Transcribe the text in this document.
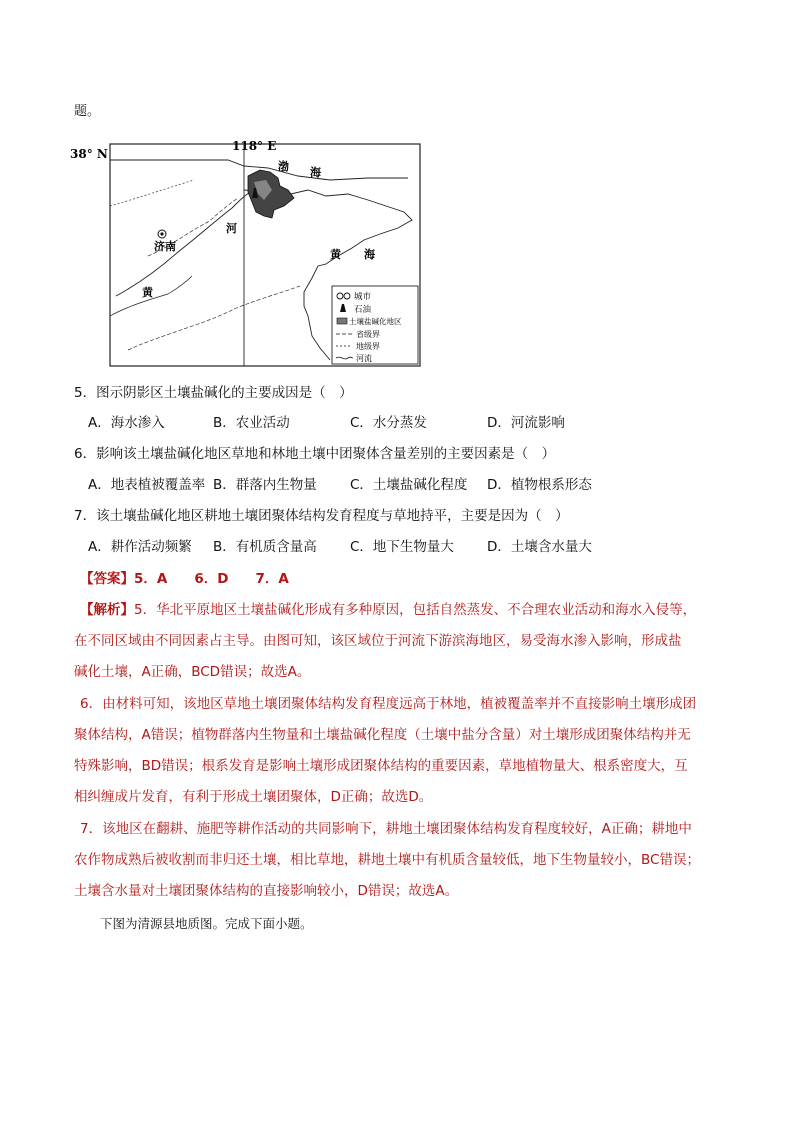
题。
38° N
118° E
济南
渤 海
河
黄
黄 海
城市
石油
土壤盐碱化地区
省级界
地级界
河流
5．图示阴影区土壤盐碱化的主要成因是（　）
A．海水渗入	B．农业活动	C．水分蒸发	D．河流影响
6．影响该土壤盐碱化地区草地和林地土壤中团聚体含量差别的主要因素是（　）
A．地表植被覆盖率 B．群落内生物量 C．土壤盐碱化程度 D．植物根系形态
7．该土壤盐碱化地区耕地土壤团聚体结构发育程度与草地持平，主要是因为（　）
A．耕作活动频繁 B．有机质含量高 C．地下生物量大 D．土壤含水量大
【答案】5．A　　6．D　　7．A
【解析】5．华北平原地区土壤盐碱化形成有多种原因，包括自然蒸发、不合理农业活动和海水入侵等，
在不同区域由不同因素占主导。由图可知，该区域位于河流下游滨海地区，易受海水渗入影响，形成盐
碱化土壤，A正确，BCD错误；故选A。
6．由材料可知，该地区草地土壤团聚体结构发育程度远高于林地，植被覆盖率并不直接影响土壤形成团
聚体结构，A错误；植物群落内生物量和土壤盐碱化程度（土壤中盐分含量）对土壤形成团聚体结构并无
特殊影响，BD错误；根系发育是影响土壤形成团聚体结构的重要因素，草地植物量大、根系密度大，互
相纠缠成片发育，有利于形成土壤团聚体，D正确；故选D。
7．该地区在翻耕、施肥等耕作活动的共同影响下，耕地土壤团聚体结构发育程度较好，A正确；耕地中
农作物成熟后被收割而非归还土壤，相比草地，耕地土壤中有机质含量较低，地下生物量较小，BC错误；
土壤含水量对土壤团聚体结构的直接影响较小，D错误；故选A。
下图为清源县地质图。完成下面小题。
